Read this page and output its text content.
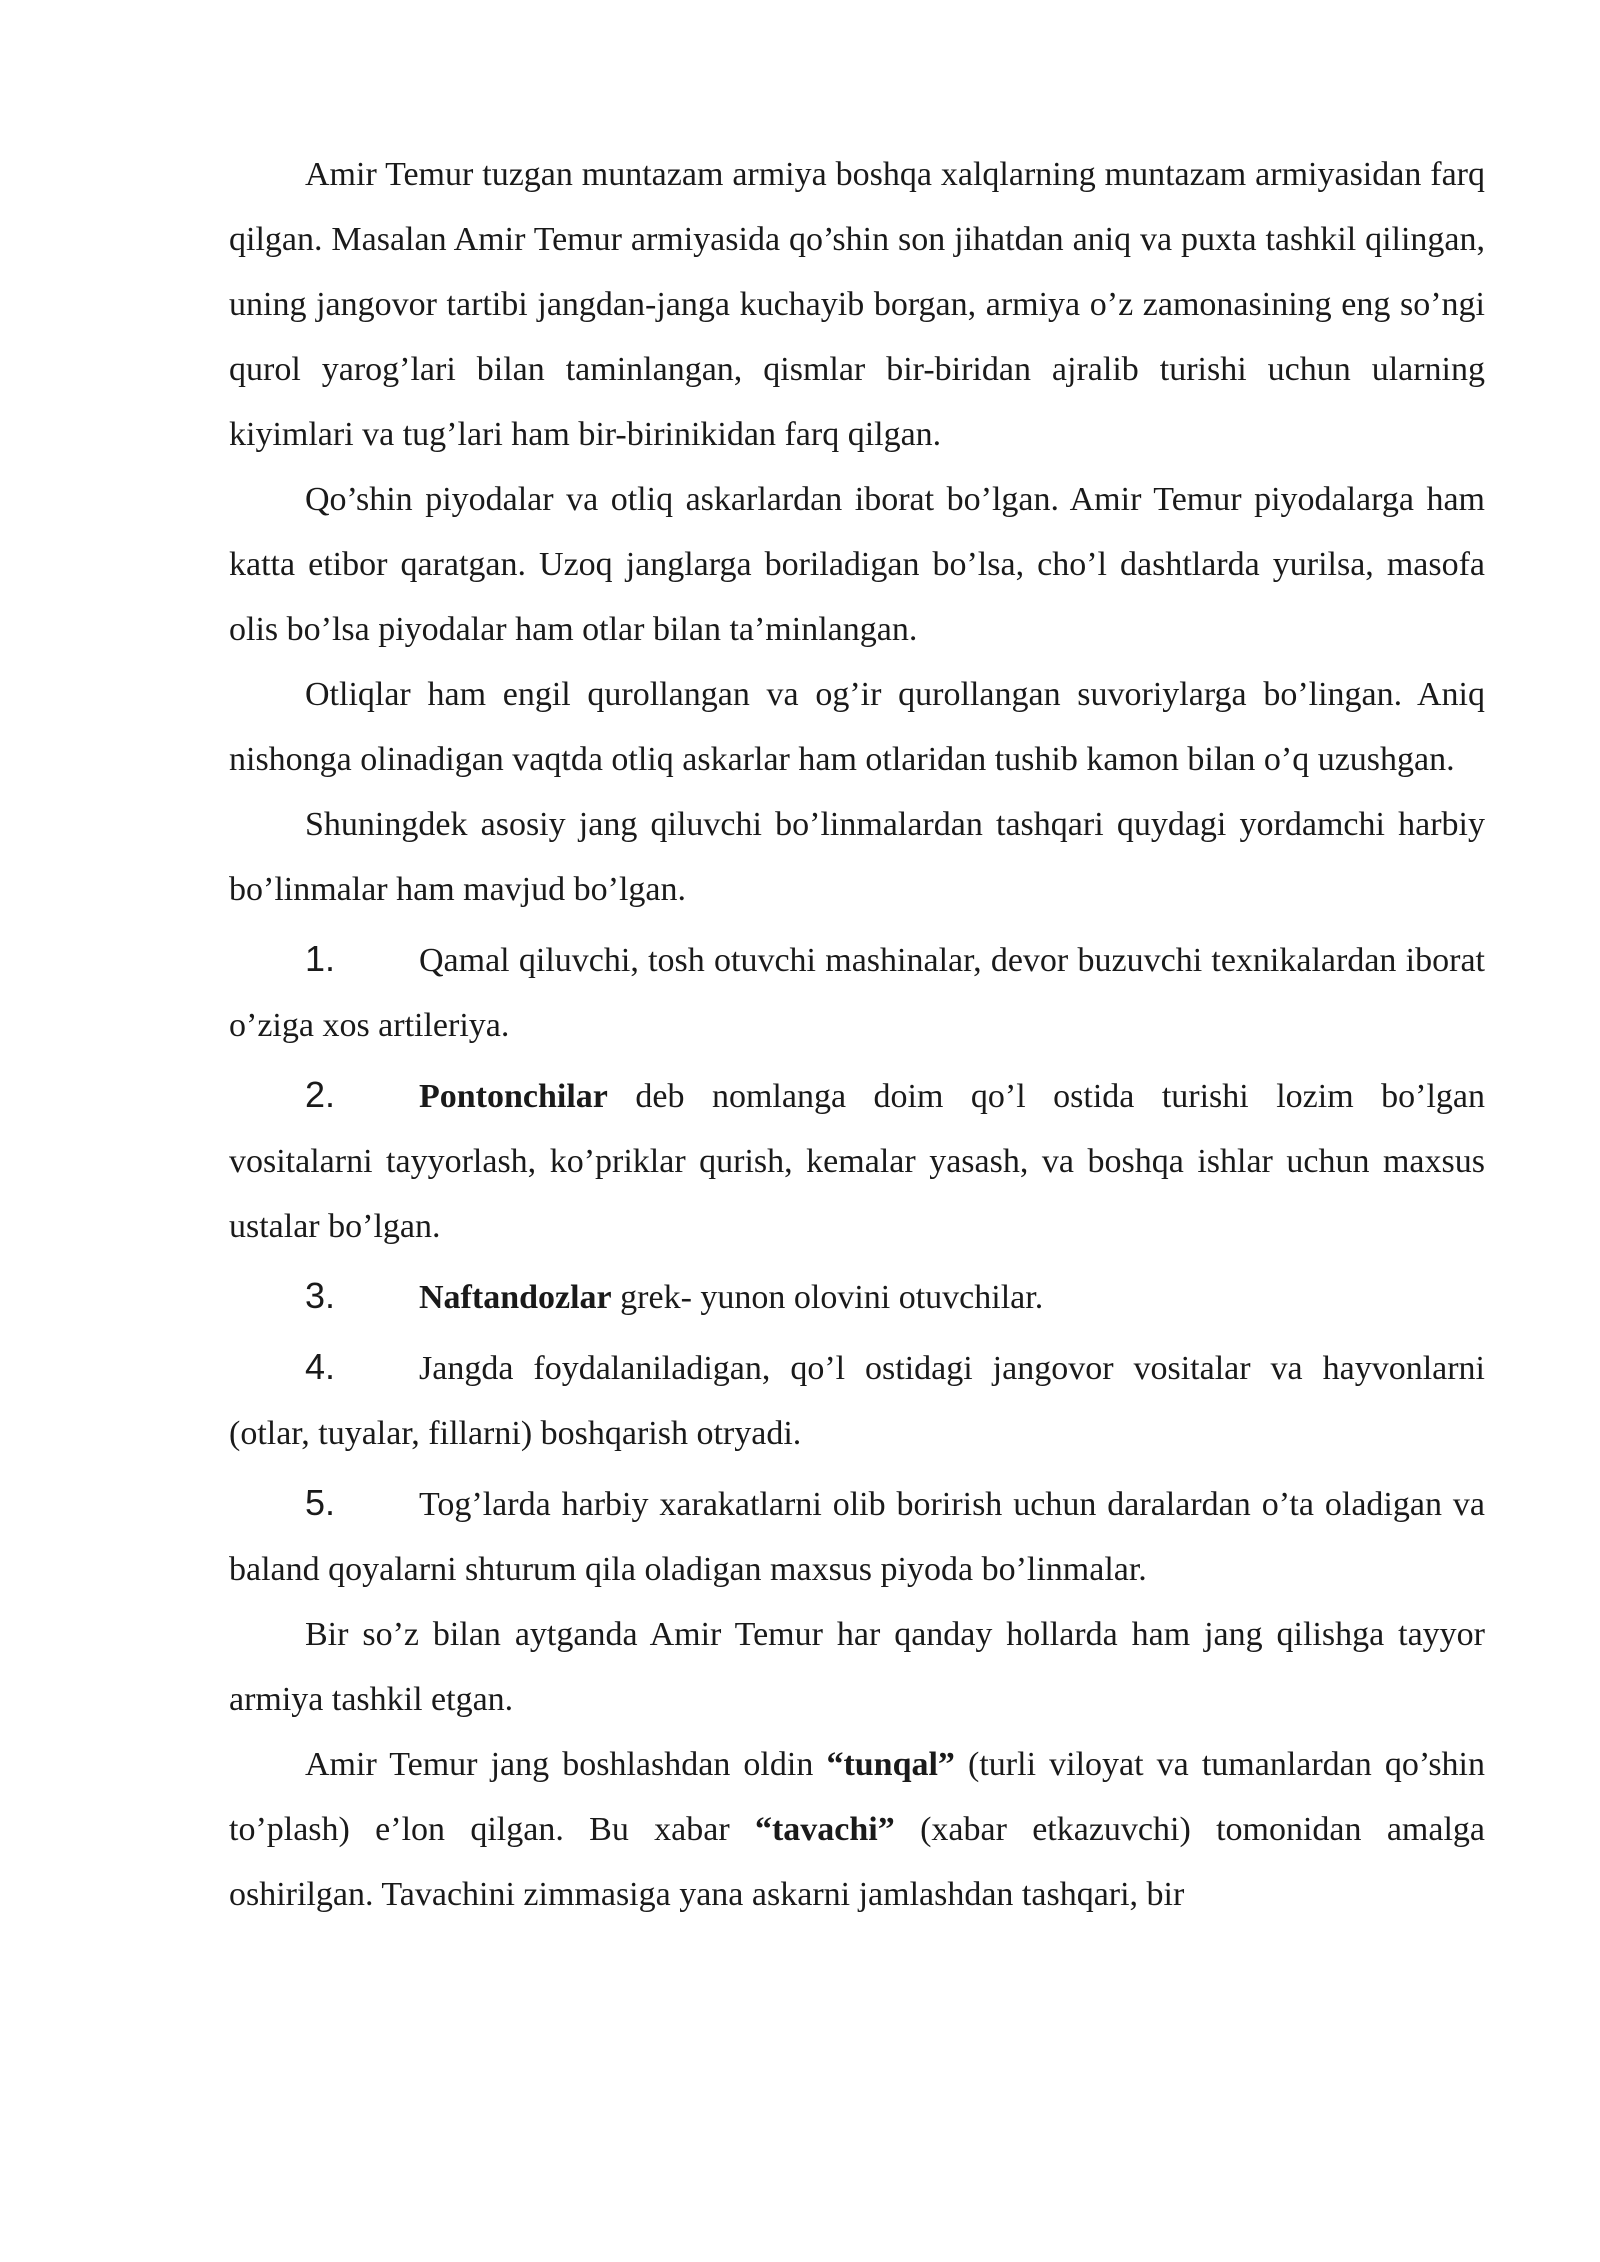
Amir Temur tuzgan muntazam armiya boshqa xalqlarning muntazam armiyasidan farq qilgan. Masalan Amir Temur armiyasida qo’shin son jihatdan aniq va puxta tashkil qilingan, uning jangovor tartibi jangdan-janga kuchayib borgan, armiya o’z zamonasining eng so’ngi qurol yarog’lari bilan taminlangan, qismlar bir-biridan ajralib turishi uchun ularning kiyimlari va tug’lari ham bir-birinikidan farq qilgan.

Qo’shin piyodalar va otliq askarlardan iborat bo’lgan. Amir Temur piyodalarga ham katta etibor qaratgan. Uzoq janglarga boriladigan bo’lsa, cho’l dashtlarda yurilsa, masofa olis bo’lsa piyodalar ham otlar bilan ta’minlangan.

Otliqlar ham engil qurollangan va og’ir qurollangan suvoriylarga bo’lingan. Aniq nishonga olinadigan vaqtda otliq askarlar ham otlaridan tushib kamon bilan o’q uzushgan.

Shuningdek asosiy jang qiluvchi bo’linmalardan tashqari quydagi yordamchi harbiy bo’linmalar ham mavjud bo’lgan.

1. Qamal qiluvchi, tosh otuvchi mashinalar, devor buzuvchi texnikalardan iborat o’ziga xos artileriya.

2. Pontonchilar deb nomlanga doim qo’l ostida turishi lozim bo’lgan vositalarni tayyorlash, ko’priklar qurish, kemalar yasash, va boshqa ishlar uchun maxsus ustalar bo’lgan.

3. Naftandozlar grek- yunon olovini otuvchilar.

4. Jangda foydalaniladigan, qo’l ostidagi jangovor vositalar va hayvonlarni (otlar, tuyalar, fillarni) boshqarish otryadi.

5. Tog’larda harbiy xarakatlarni olib borirish uchun daralardan o’ta oladigan va baland qoyalarni shturum qila oladigan maxsus piyoda bo’linmalar.

Bir so’z bilan aytganda Amir Temur har qanday hollarda ham jang qilishga tayyor armiya tashkil etgan.

Amir Temur jang boshlashdan oldin “tunqal” (turli viloyat va tumanlardan qo’shin to’plash) e’lon qilgan. Bu xabar “tavachi” (xabar etkazuvchi) tomonidan amalga oshirilgan. Tavachini zimmasiga yana askarni jamlashdan tashqari, bir
